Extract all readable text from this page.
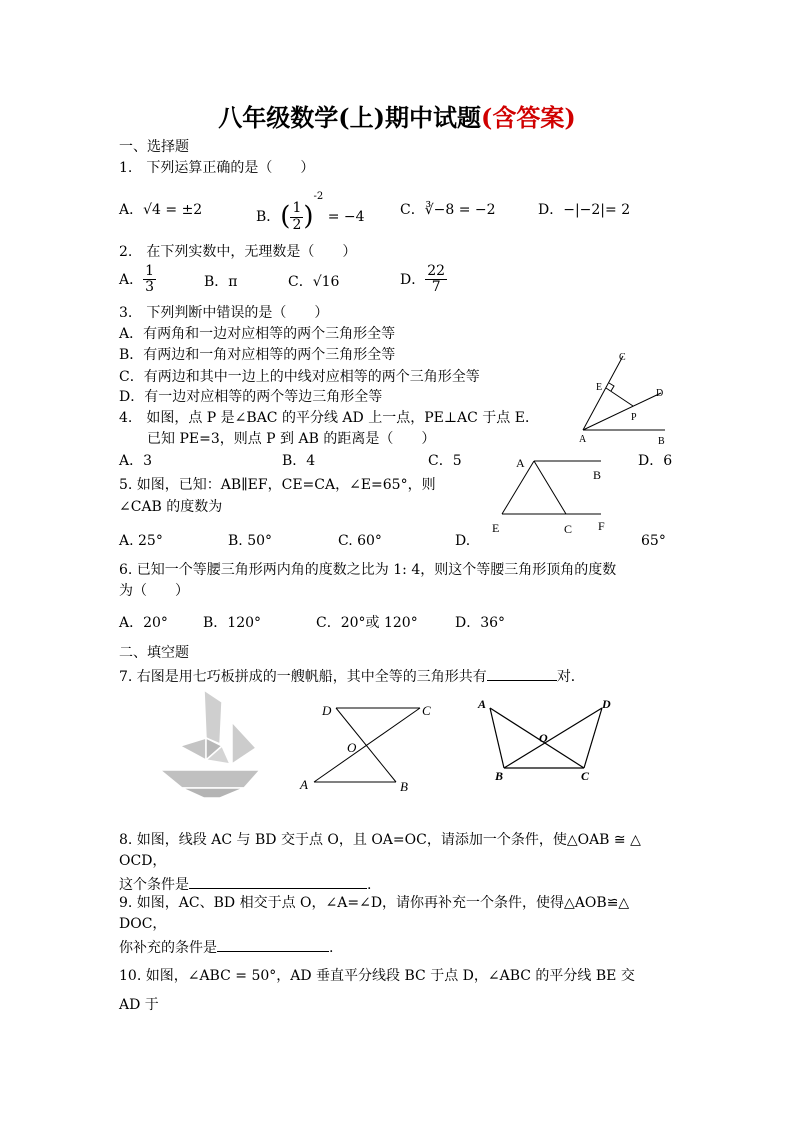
八年级数学(上)期中试题(含答案)
一、选择题
1.　下列运算正确的是（　　）
A．√4 = ±2	B．( $\frac{1}{2} )^{-2} = -4$	C．∛−8 = −2	D．−|−2|= 2
2.　在下列实数中，无理数是（　　）
A． $\frac{1}{3}$	B．π	C．√16	D． $\frac{22}{7}$
3.　下列判断中错误的是（　　）
A．有两角和一边对应相等的两个三角形全等
B．有两边和一角对应相等的两个三角形全等
C．有两边和其中一边上的中线对应相等的两个三角形全等
D．有一边对应相等的两个等边三角形全等
C
E
D
P
A	B
4.　如图，点 P 是∠BAC 的平分线 AD 上一点，PE⊥AC 于点 E．
已知 PE=3，则点 P 到 AB 的距离是（　　）
A．3	B．4	C．5	D．6
A
B
E	C F
5. 如图，已知：AB∥EF，CE=CA，∠E=65°，则
∠CAB 的度数为
A. 25°	B. 50°	C. 60°	D.	65°
6. 已知一个等腰三角形两内角的度数之比为 1: 4，则这个等腰三角形顶角的度数
为（　　）
A．20°	B．120°	C．20°或 120°	D．36°
二、填空题
7. 右图是用七巧板拼成的一艘帆船，其中全等的三角形共有	对．
D	C
O
A	B
A	D
O
B	C
8. 如图，线段 AC 与 BD 交于点 O，且 OA=OC，请添加一个条件，使△OAB ≅ △
OCD，
这个条件是	.
9. 如图，AC、BD 相交于点 O，∠A=∠D，请你再补充一个条件，使得△AOB≌△
DOC，
你补充的条件是	.
10. 如图，∠ABC = 50°，AD 垂直平分线段 BC 于点 D，∠ABC 的平分线 BE 交
AD 于
